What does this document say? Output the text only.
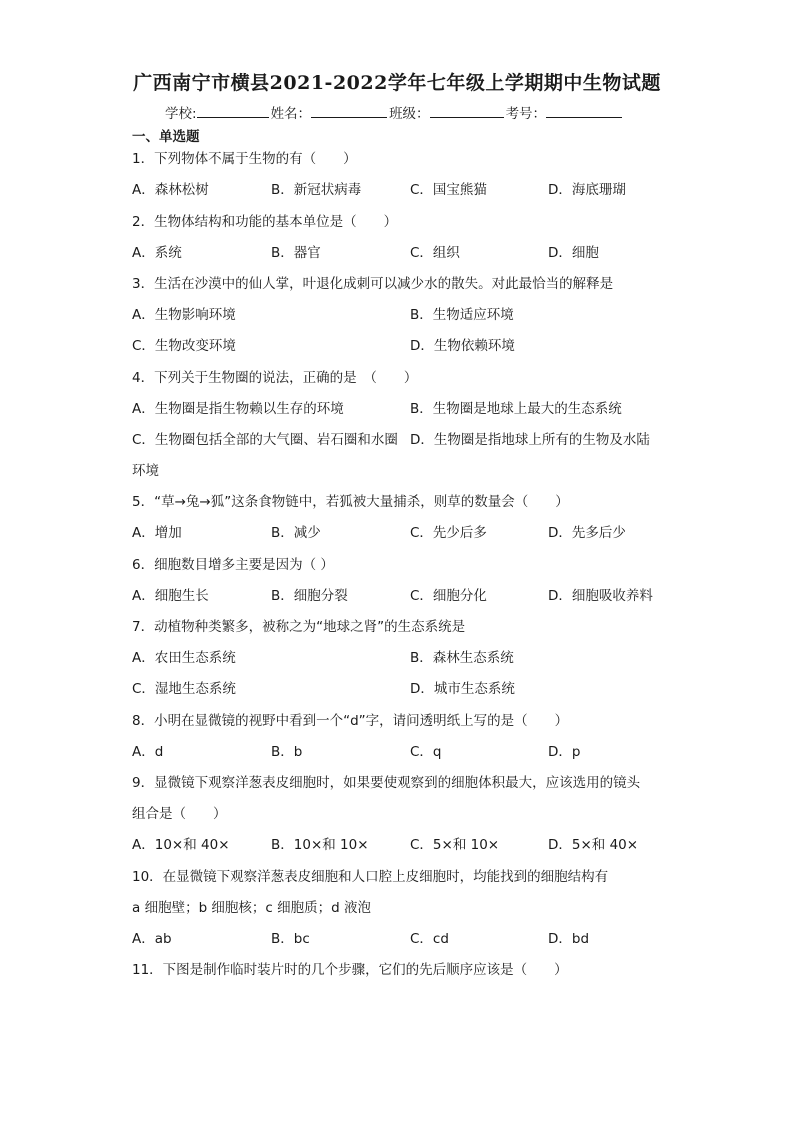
广西南宁市横县2021-2022学年七年级上学期期中生物试题
学校:	姓名：	班级：	考号：
一、单选题
1．下列物体不属于生物的有（　　）
A．森林松树	B．新冠状病毒	C．国宝熊猫	D．海底珊瑚
2．生物体结构和功能的基本单位是（　　）
A．系统	B．器官	C．组织	D．细胞
3．生活在沙漠中的仙人掌，叶退化成刺可以减少水的散失。对此最恰当的解释是
A．生物影响环境	B．生物适应环境
C．生物改变环境	D．生物依赖环境
4．下列关于生物圈的说法，正确的是　（　　）
A．生物圈是指生物赖以生存的环境	B．生物圈是地球上最大的生态系统
C．生物圈包括全部的大气圈、岩石圈和水圈 D．生物圈是指地球上所有的生物及水陆
环境
5．“草→兔→狐”这条食物链中，若狐被大量捕杀，则草的数量会（　　）
A．增加	B．减少	C．先少后多	D．先多后少
6．细胞数目增多主要是因为（ ）
A．细胞生长	B．细胞分裂	C．细胞分化	D．细胞吸收养料
7．动植物种类繁多，被称之为“地球之肾”的生态系统是
A．农田生态系统	B．森林生态系统
C．湿地生态系统	D．城市生态系统
8．小明在显微镜的视野中看到一个“d”字，请问透明纸上写的是（　　）
A．d	B．b	C．q	D．p
9．显微镜下观察洋葱表皮细胞时，如果要使观察到的细胞体积最大，应该选用的镜头
组合是（　　）
A．10×和 40×	B．10×和 10×	C．5×和 10×	D．5×和 40×
10．在显微镜下观察洋葱表皮细胞和人口腔上皮细胞时，均能找到的细胞结构有
a 细胞壁；b 细胞核；c 细胞质；d 液泡
A．ab	B．bc	C．cd	D．bd
11．下图是制作临时装片时的几个步骤，它们的先后顺序应该是（　　）
